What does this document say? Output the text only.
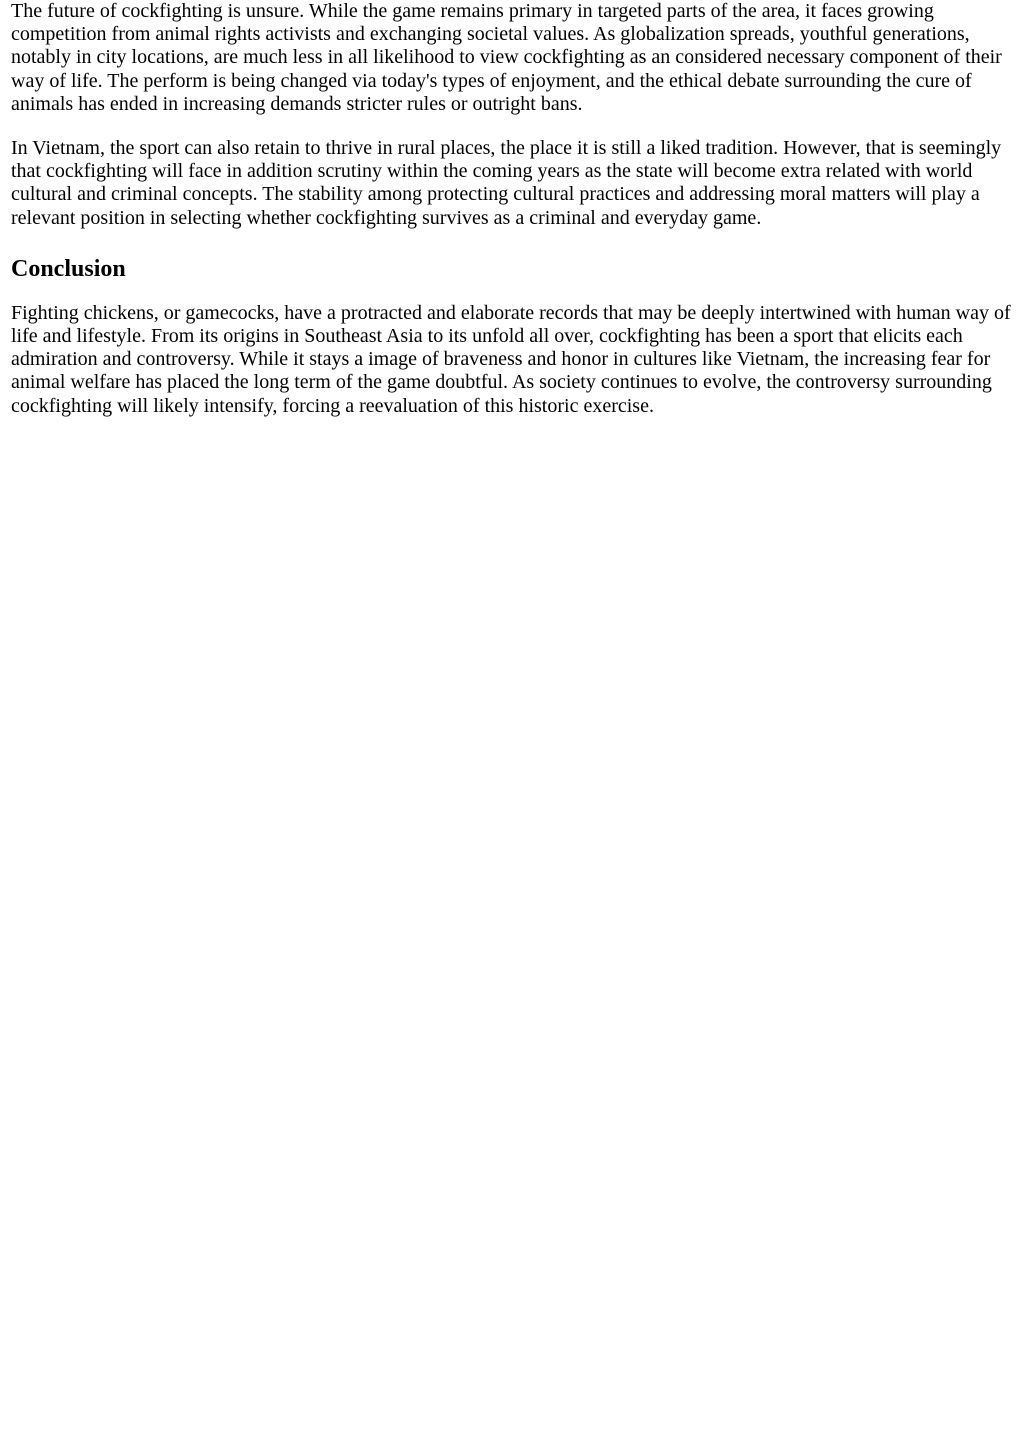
The future of cockfighting is unsure. While the game remains primary in targeted parts of the area, it faces growing competition from animal rights activists and exchanging societal values. As globalization spreads, youthful generations, notably in city locations, are much less in all likelihood to view cockfighting as an considered necessary component of their way of life. The perform is being changed via today's types of enjoyment, and the ethical debate surrounding the cure of animals has ended in increasing demands stricter rules or outright bans.

In Vietnam, the sport can also retain to thrive in rural places, the place it is still a liked tradition. However, that is seemingly that cockfighting will face in addition scrutiny within the coming years as the state will become extra related with world cultural and criminal concepts. The stability among protecting cultural practices and addressing moral matters will play a relevant position in selecting whether cockfighting survives as a criminal and everyday game.

Conclusion

Fighting chickens, or gamecocks, have a protracted and elaborate records that may be deeply intertwined with human way of life and lifestyle. From its origins in Southeast Asia to its unfold all over, cockfighting has been a sport that elicits each admiration and controversy. While it stays a image of braveness and honor in cultures like Vietnam, the increasing fear for animal welfare has placed the long term of the game doubtful. As society continues to evolve, the controversy surrounding cockfighting will likely intensify, forcing a reevaluation of this historic exercise.
